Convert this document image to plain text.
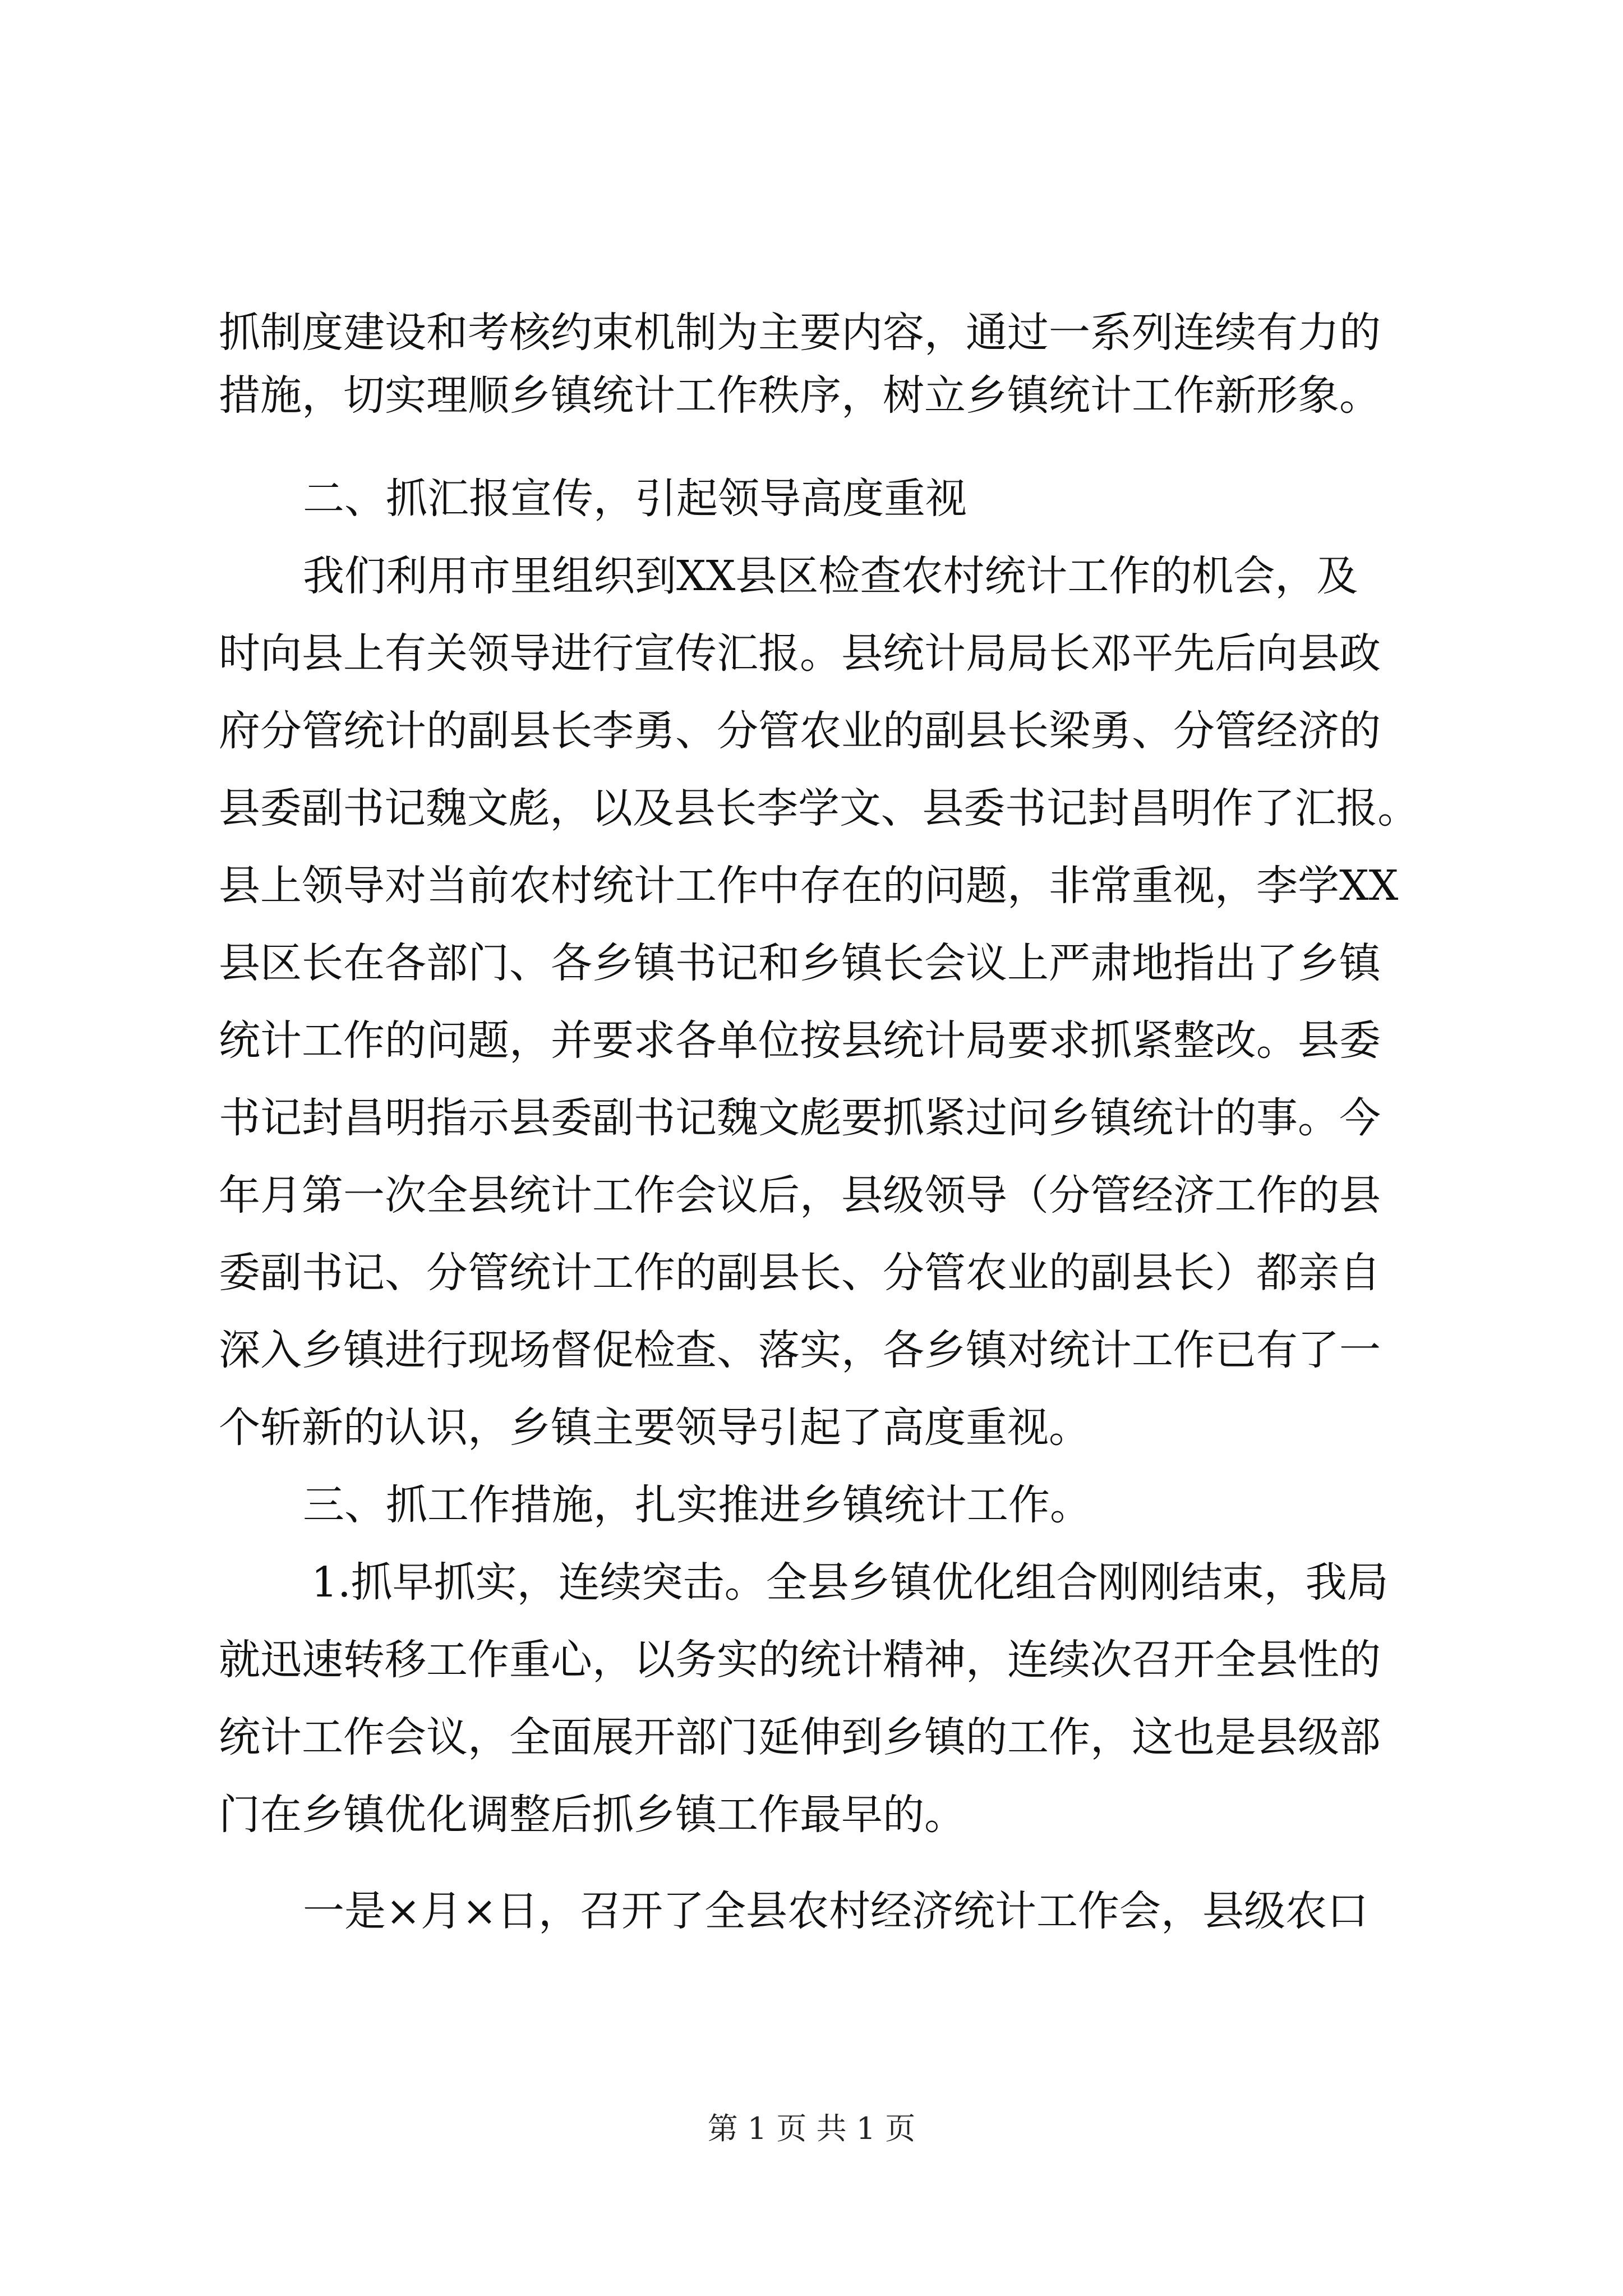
抓制度建设和考核约束机制为主要内容，通过一系列连续有力的
措施，切实理顺乡镇统计工作秩序，树立乡镇统计工作新形象。
二、抓汇报宣传，引起领导高度重视
我们利用市里组织到XX县区检查农村统计工作的机会，及
时向县上有关领导进行宣传汇报。县统计局局长邓平先后向县政
府分管统计的副县长李勇、分管农业的副县长梁勇、分管经济的
县委副书记魏文彪，以及县长李学文、县委书记封昌明作了汇报。
县上领导对当前农村统计工作中存在的问题，非常重视，李学XX
县区长在各部门、各乡镇书记和乡镇长会议上严肃地指出了乡镇
统计工作的问题，并要求各单位按县统计局要求抓紧整改。县委
书记封昌明指示县委副书记魏文彪要抓紧过问乡镇统计的事。今
年月第一次全县统计工作会议后，县级领导（分管经济工作的县
委副书记、分管统计工作的副县长、分管农业的副县长）都亲自
深入乡镇进行现场督促检查、落实，各乡镇对统计工作已有了一
个斩新的认识，乡镇主要领导引起了高度重视。
三、抓工作措施，扎实推进乡镇统计工作。
1.抓早抓实，连续突击。全县乡镇优化组合刚刚结束，我局
就迅速转移工作重心，以务实的统计精神，连续次召开全县性的
统计工作会议，全面展开部门延伸到乡镇的工作，这也是县级部
门在乡镇优化调整后抓乡镇工作最早的。
一是×月×日，召开了全县农村经济统计工作会，县级农口
第 1 页 共 1 页
